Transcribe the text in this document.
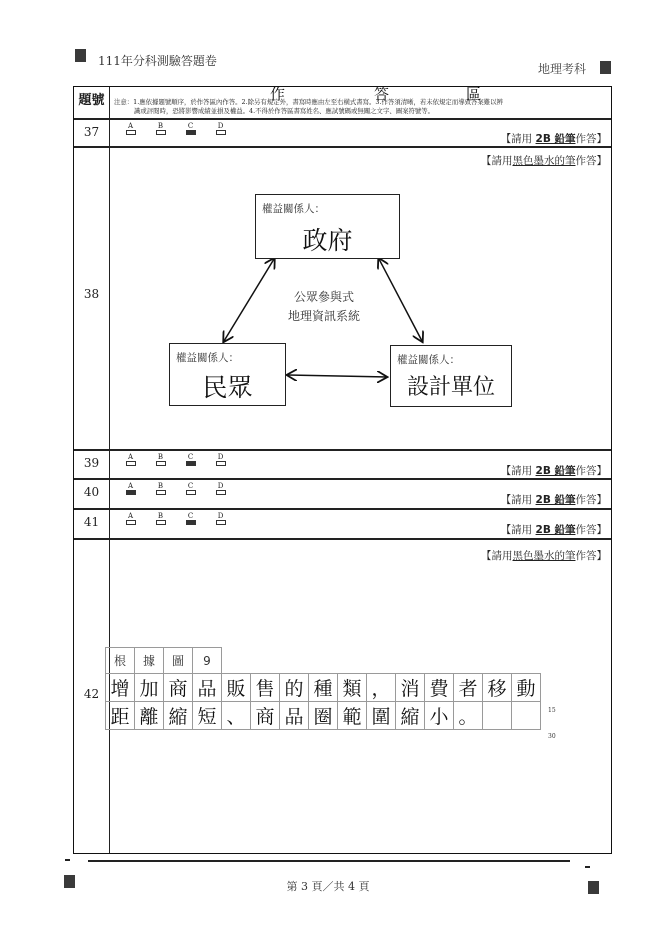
111年分科測驗答題卷
地理考科
題號	作	答	區
注意：1.應依據題號順序，於作答區內作答。2.除另有規定外，書寫時應由左至右橫式書寫。3.作答須清晰，若未依規定而導致答案難以辨
識或評閱時，恐將影響成績並損及權益。4.不得於作答區書寫姓名、應試號碼或無關之文字、圖案符號等。
37	A	B	C	D
【請用 2B 鉛筆作答】
【請用黑色墨水的筆作答】
38
權益關係人：
政府
公眾參與式
地理資訊系統
權益關係人：
民眾
權益關係人：
設計單位
39	A	B	C	D
【請用 2B 鉛筆作答】
40	A	B	C	D
【請用 2B 鉛筆作答】
41	A	B	C	D
【請用 2B 鉛筆作答】
【請用黑色墨水的筆作答】
42
根	據	圖	9											
增	加	商	品	販	售	的	種	類	，	消	費	者	移	動
距	離	縮	短	、	商	品	圈	範	圍	縮	小	。			15
30
第 3 頁／共 4 頁
